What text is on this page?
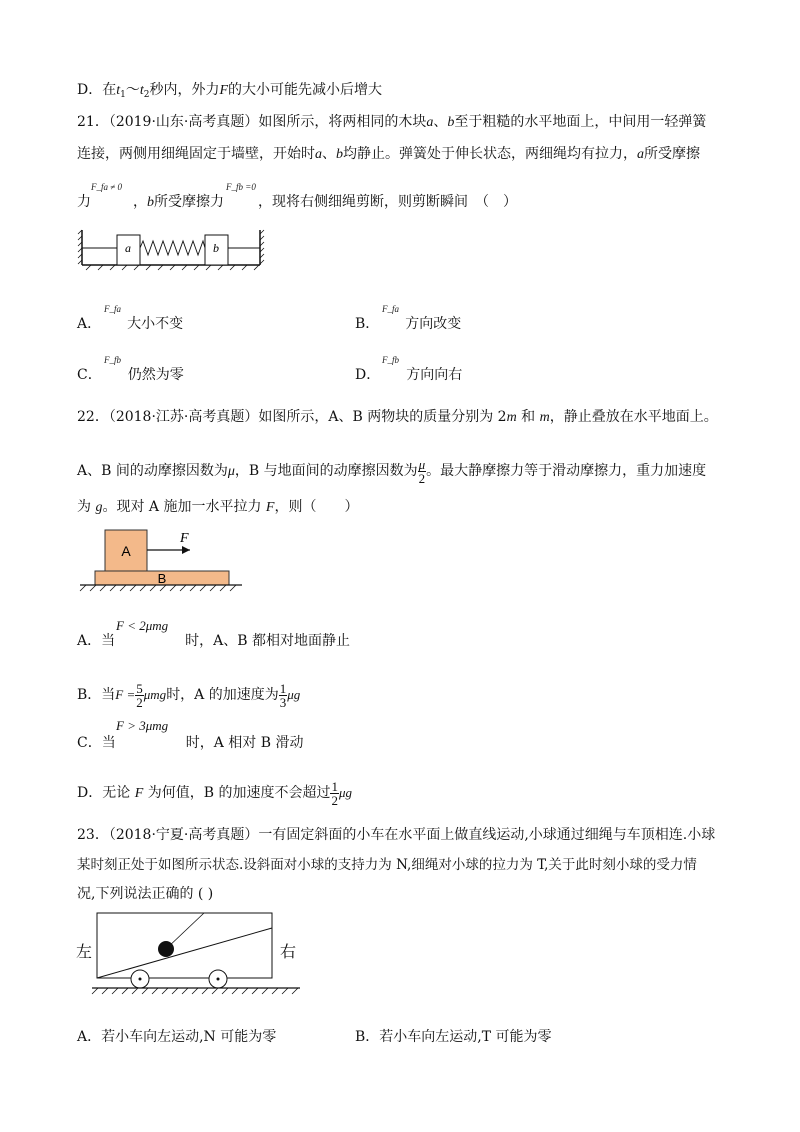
D．在$t_1\sim t_2$秒内，外力F的大小可能先减小后增大
21．（2019·山东·高考真题）如图所示，将两相同的木块a、b至于粗糙的水平地面上，中间用一轻弹簧
连接，两侧用细绳固定于墙壁，开始时a、b均静止。弹簧处于伸长状态，两细绳均有拉力，a所受摩擦
力
F_fa ≠ 0
，b所受摩擦力
F_fb =0
，现将右侧细绳剪断，则剪断瞬间　（　）
a	b
A． 大小不变
F_fa
B． 方向改变
F_fa
C． 仍然为零
F_fb
D． 方向向右
F_fb
22．（2018·江苏·高考真题）如图所示，A、B 两物块的质量分别为 2m 和 m，静止叠放在水平地面上。
A、B 间的动摩擦因数为μ，B 与地面间的动摩擦因数为 $\frac{\mu}{2}$ 。最大静摩擦力等于滑动摩擦力，重力加速度
为 g。现对 A 施加一水平拉力 F，则（　　）
A
F
B
A．当	时，A、B 都相对地面静止
F < 2μmg
B．当$F = \frac{5}{2}$ μmg时，A 的加速度为 $\frac{1}{3}$ μg
C．当	时，A 相对 B 滑动
F > 3μmg
D．无论 F 为何值，B 的加速度不会超过 $\frac{1}{2}$ μg
23．（2018·宁夏·高考真题）一有固定斜面的小车在水平面上做直线运动,小球通过细绳与车顶相连.小球
某时刻正处于如图所示状态.设斜面对小球的支持力为 N,细绳对小球的拉力为 T,关于此时刻小球的受力情
况,下列说法正确的 ( )
左	右
A．若小车向左运动,N 可能为零	B．若小车向左运动,T 可能为零
